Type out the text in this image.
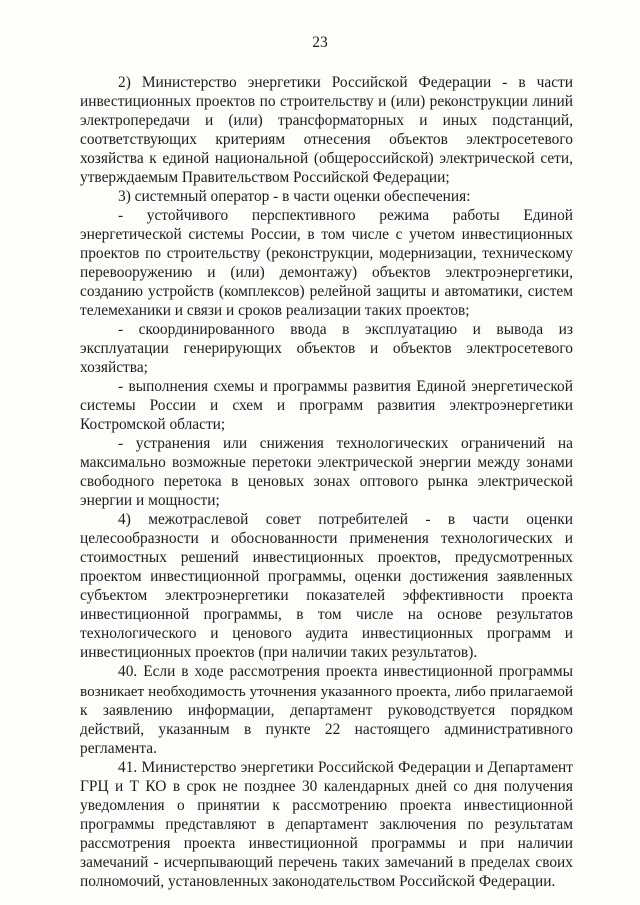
23
2) Министерство энергетики Российской Федерации - в части
инвестиционных проектов по строительству и (или) реконструкции линий
электропередачи и (или) трансформаторных и иных подстанций,
соответствующих критериям отнесения объектов электросетевого
хозяйства к единой национальной (общероссийской) электрической сети,
утверждаемым Правительством Российской Федерации;
3) системный оператор - в части оценки обеспечения:
- устойчивого перспективного режима работы Единой
энергетической системы России, в том числе с учетом инвестиционных
проектов по строительству (реконструкции, модернизации, техническому
перевооружению и (или) демонтажу) объектов электроэнергетики,
созданию устройств (комплексов) релейной защиты и автоматики, систем
телемеханики и связи и сроков реализации таких проектов;
- скоординированного ввода в эксплуатацию и вывода из
эксплуатации генерирующих объектов и объектов электросетевого
хозяйства;
- выполнения схемы и программы развития Единой энергетической
системы России и схем и программ развития электроэнергетики
Костромской области;
- устранения или снижения технологических ограничений на
максимально возможные перетоки электрической энергии между зонами
свободного перетока в ценовых зонах оптового рынка электрической
энергии и мощности;
4) межотраслевой совет потребителей - в части оценки
целесообразности и обоснованности применения технологических и
стоимостных решений инвестиционных проектов, предусмотренных
проектом инвестиционной программы, оценки достижения заявленных
субъектом электроэнергетики показателей эффективности проекта
инвестиционной программы, в том числе на основе результатов
технологического и ценового аудита инвестиционных программ и
инвестиционных проектов (при наличии таких результатов).
40. Если в ходе рассмотрения проекта инвестиционной программы
возникает необходимость уточнения указанного проекта, либо прилагаемой
к заявлению информации, департамент руководствуется порядком
действий, указанным в пункте 22 настоящего административного
регламента.
41. Министерство энергетики Российской Федерации и Департамент
ГРЦ и Т КО в срок не позднее 30 календарных дней со дня получения
уведомления о принятии к рассмотрению проекта инвестиционной
программы представляют в департамент заключения по результатам
рассмотрения проекта инвестиционной программы и при наличии
замечаний - исчерпывающий перечень таких замечаний в пределах своих
полномочий, установленных законодательством Российской Федерации.
